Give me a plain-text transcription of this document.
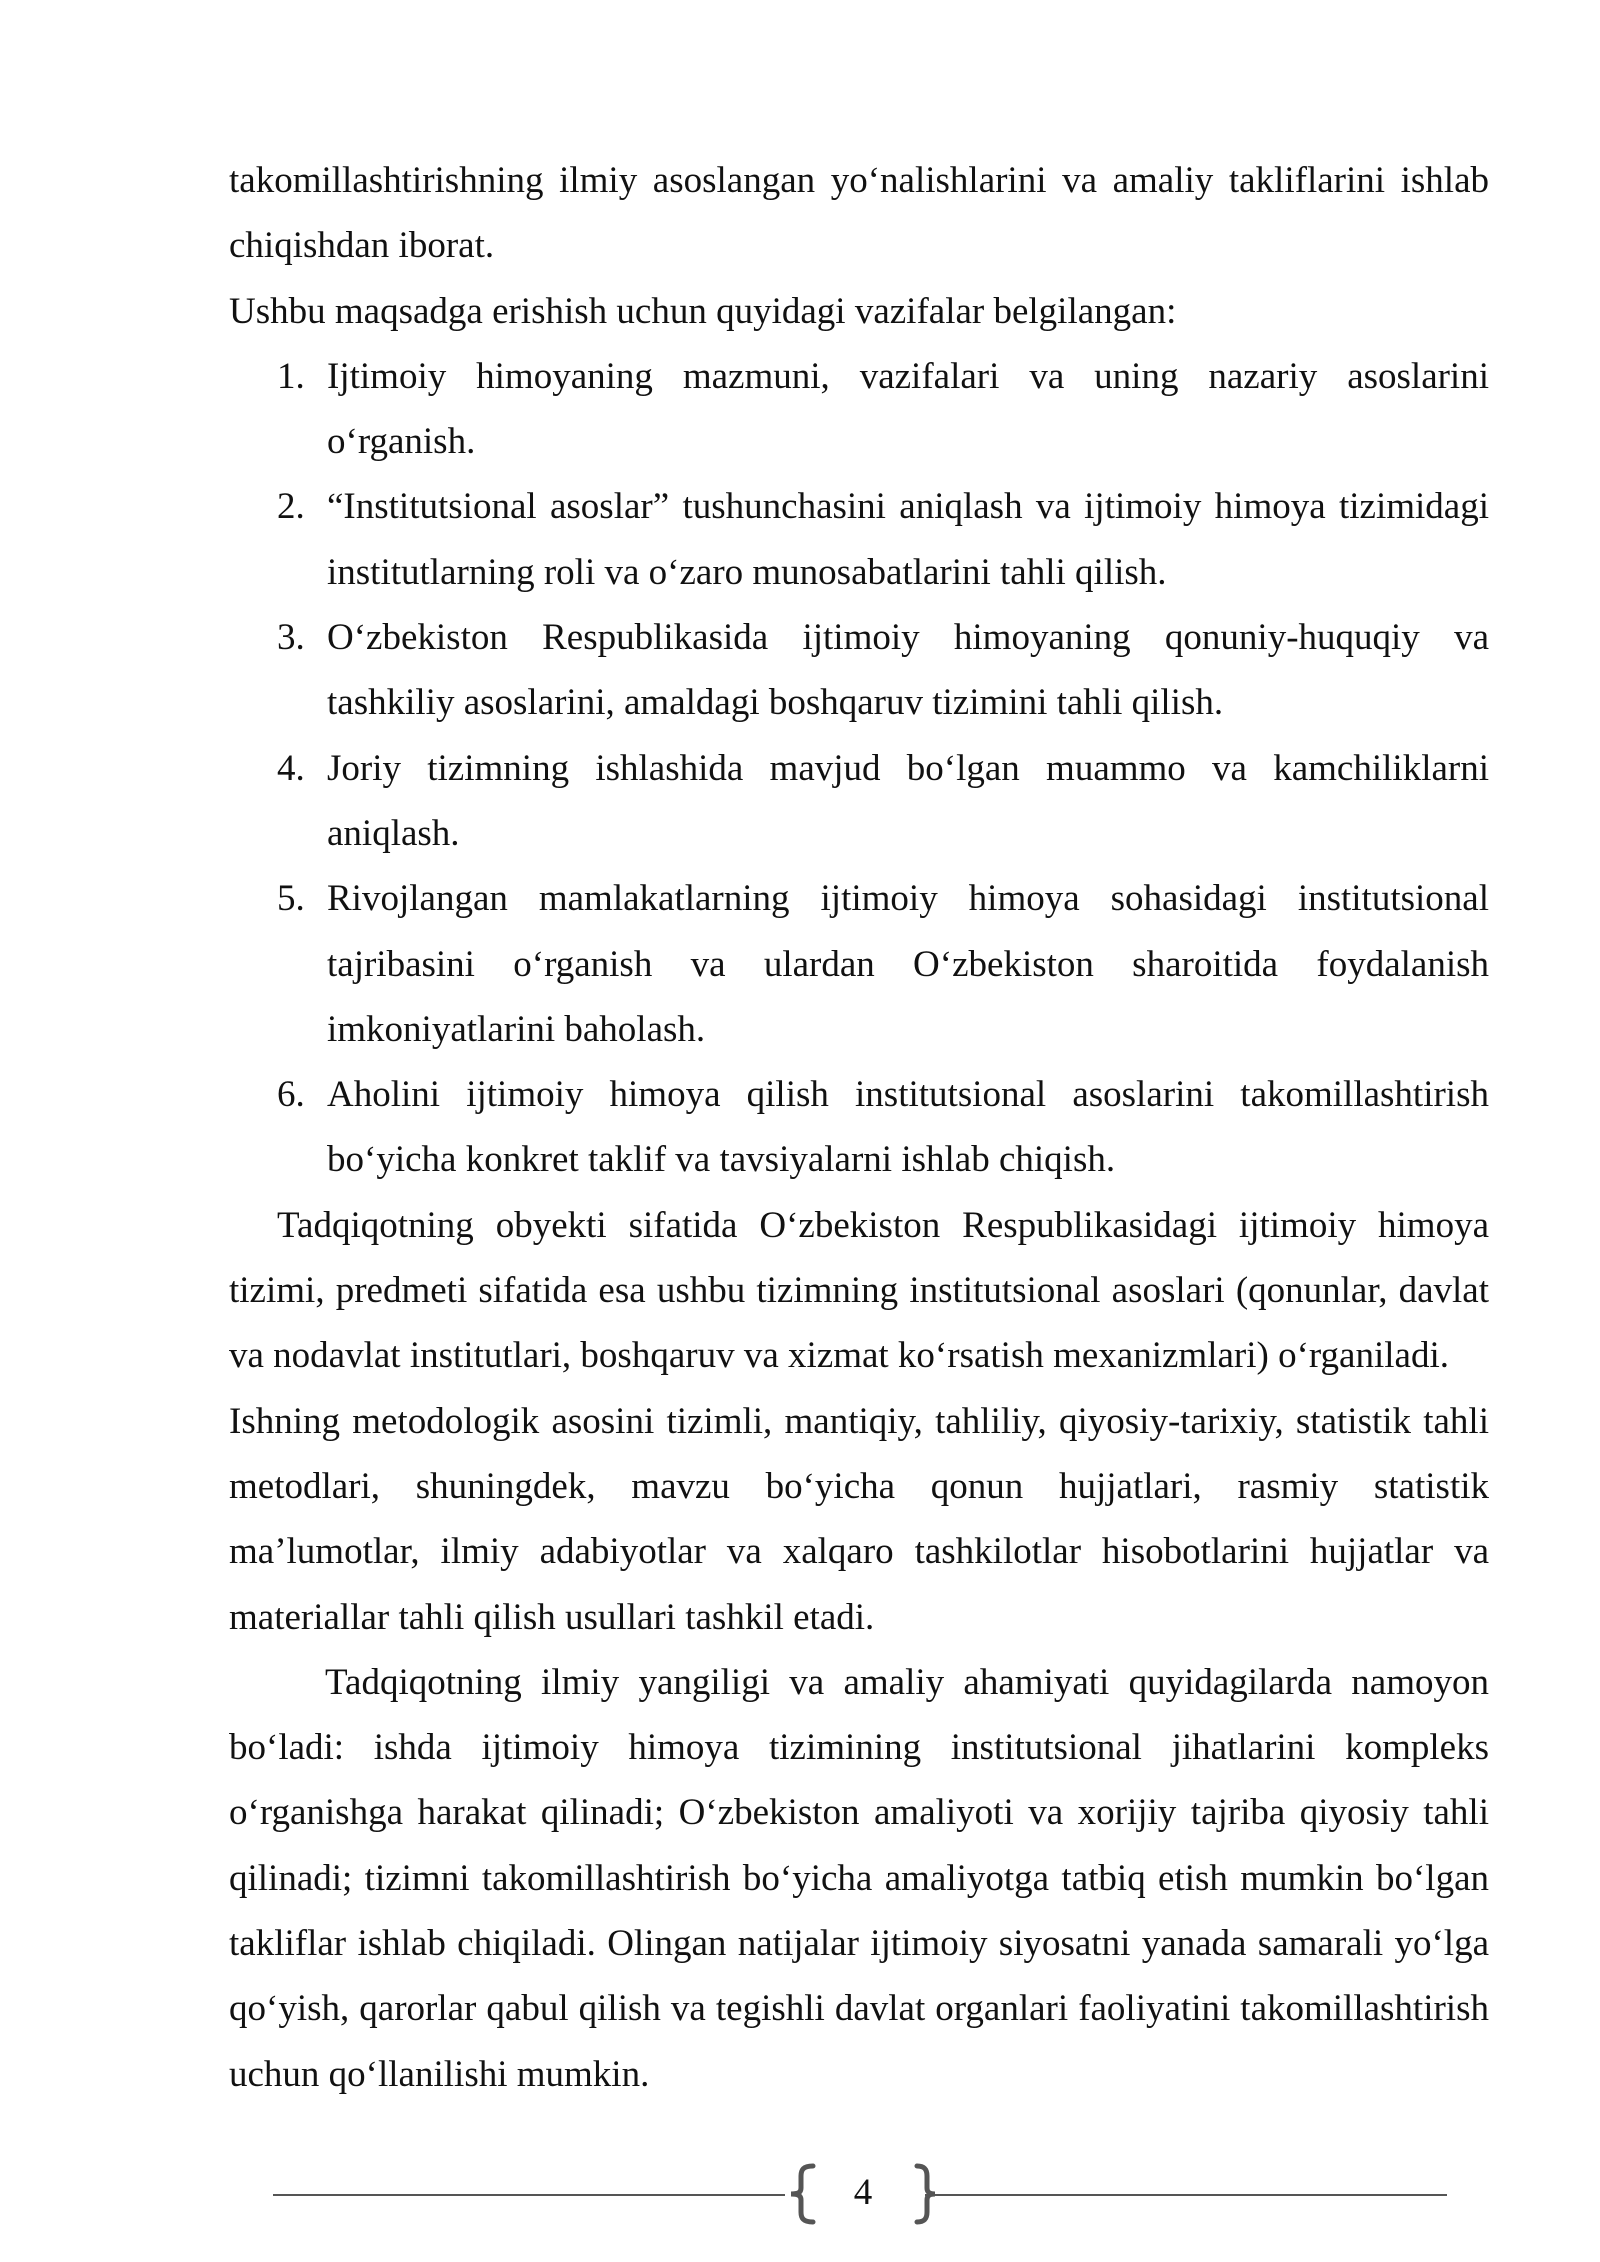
takomillashtirishning ilmiy asoslangan yoʻnalishlarini va amaliy takliflarini ishlab chiqishdan iborat.

Ushbu maqsadga erishish uchun quyidagi vazifalar belgilangan:

1. Ijtimoiy himoyaning mazmuni, vazifalari va uning nazariy asoslarini oʻrganish.
2. “Institutsional asoslar” tushunchasini aniqlash va ijtimoiy himoya tizimidagi institutlarning roli va oʻzaro munosabatlarini tahli qilish.
3. Oʻzbekiston Respublikasida ijtimoiy himoyaning qonuniy-huquqiy va tashkiliy asoslarini, amaldagi boshqaruv tizimini tahli qilish.
4. Joriy tizimning ishlashida mavjud boʻlgan muammo va kamchiliklarni aniqlash.
5. Rivojlangan mamlakatlarning ijtimoiy himoya sohasidagi institutsional tajribasini oʻrganish va ulardan Oʻzbekiston sharoitida foydalanish imkoniyatlarini baholash.
6. Aholini ijtimoiy himoya qilish institutsional asoslarini takomillashtirish boʻyicha konkret taklif va tavsiyalarni ishlab chiqish.

Tadqiqotning obyekti sifatida Oʻzbekiston Respublikasidagi ijtimoiy himoya tizimi, predmeti sifatida esa ushbu tizimning institutsional asoslari (qonunlar, davlat va nodavlat institutlari, boshqaruv va xizmat koʻrsatish mexanizmlari) oʻrganiladi.

Ishning metodologik asosini tizimli, mantiqiy, tahliliy, qiyosiy-tarixiy, statistik tahli metodlari, shuningdek, mavzu boʻyicha qonun hujjatlari, rasmiy statistik ma’lumotlar, ilmiy adabiyotlar va xalqaro tashkilotlar hisobotlarini hujjatlar va materiallar tahli qilish usullari tashkil etadi.

Tadqiqotning ilmiy yangiligi va amaliy ahamiyati quyidagilarda namoyon boʻladi: ishda ijtimoiy himoya tizimining institutsional jihatlarini kompleks oʻrganishga harakat qilinadi; Oʻzbekiston amaliyoti va xorijiy tajriba qiyosiy tahli qilinadi; tizimni takomillashtirish boʻyicha amaliyotga tatbiq etish mumkin boʻlgan takliflar ishlab chiqiladi. Olingan natijalar ijtimoiy siyosatni yanada samarali yoʻlga qoʻyish, qarorlar qabul qilish va tegishli davlat organlari faoliyatini takomillashtirish uchun qoʻllanilishi mumkin.

4
